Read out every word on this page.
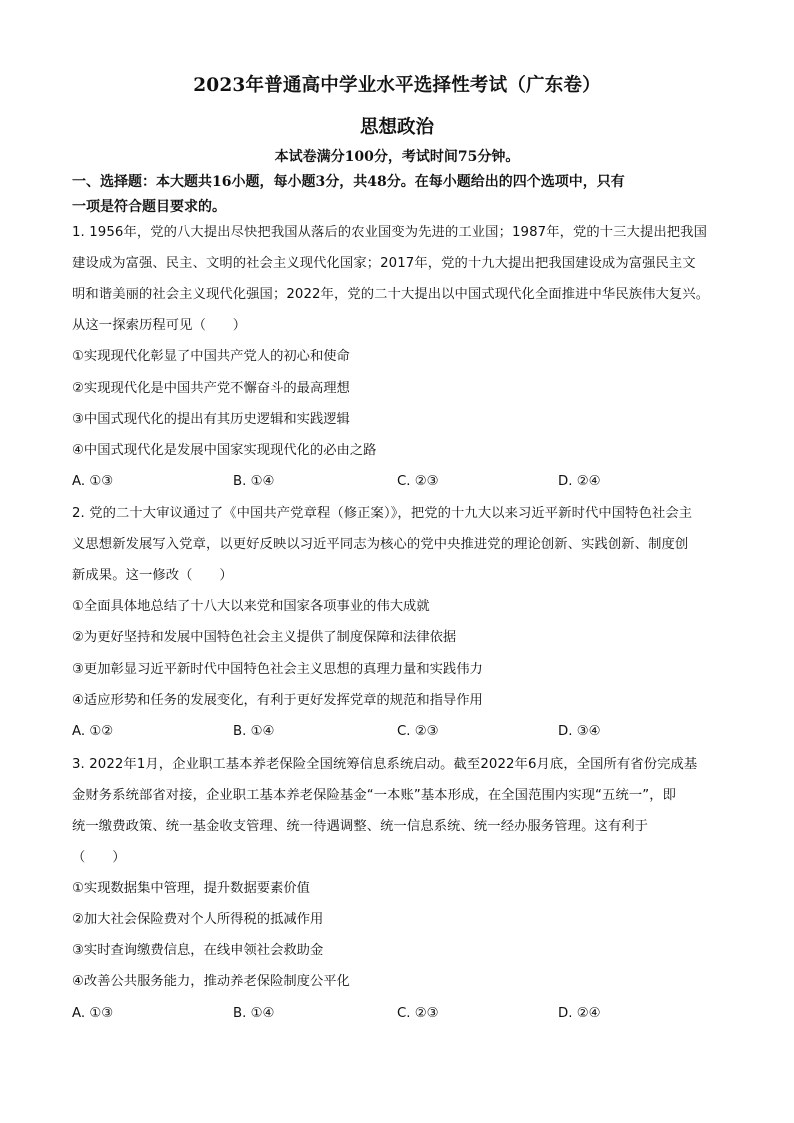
2023年普通高中学业水平选择性考试（广东卷）
思想政治
本试卷满分100分，考试时间75分钟。
一、选择题：本大题共16小题，每小题3分，共48分。在每小题给出的四个选项中，只有
一项是符合题目要求的。

1. 1956年，党的八大提出尽快把我国从落后的农业国变为先进的工业国；1987年，党的十三大提出把我国

建设成为富强、民主、文明的社会主义现代化国家；2017年，党的十九大提出把我国建设成为富强民主文

明和谐美丽的社会主义现代化强国；2022年，党的二十大提出以中国式现代化全面推进中华民族伟大复兴。

从这一探索历程可见（　　）

①实现现代化彰显了中国共产党人的初心和使命
②实现现代化是中国共产党不懈奋斗的最高理想
③中国式现代化的提出有其历史逻辑和实践逻辑
④中国式现代化是发展中国家实现现代化的必由之路
A. ①③	B. ①④	C. ②③	D. ②④

2. 党的二十大审议通过了《中国共产党章程（修正案）》，把党的十九大以来习近平新时代中国特色社会主

义思想新发展写入党章，以更好反映以习近平同志为核心的党中央推进党的理论创新、实践创新、制度创

新成果。这一修改（　　）

①全面具体地总结了十八大以来党和国家各项事业的伟大成就
②为更好坚持和发展中国特色社会主义提供了制度保障和法律依据
③更加彰显习近平新时代中国特色社会主义思想的真理力量和实践伟力
④适应形势和任务的发展变化，有利于更好发挥党章的规范和指导作用
A. ①②	B. ①④	C. ②③	D. ③④

3. 2022年1月，企业职工基本养老保险全国统筹信息系统启动。截至2022年6月底，全国所有省份完成基

金财务系统部省对接，企业职工基本养老保险基金“一本账”基本形成，在全国范围内实现“五统一”，即

统一缴费政策、统一基金收支管理、统一待遇调整、统一信息系统、统一经办服务管理。这有利于

（　　）

①实现数据集中管理，提升数据要素价值
②加大社会保险费对个人所得税的抵减作用
③实时查询缴费信息，在线申领社会救助金
④改善公共服务能力，推动养老保险制度公平化
A. ①③	B. ①④	C. ②③	D. ②④
